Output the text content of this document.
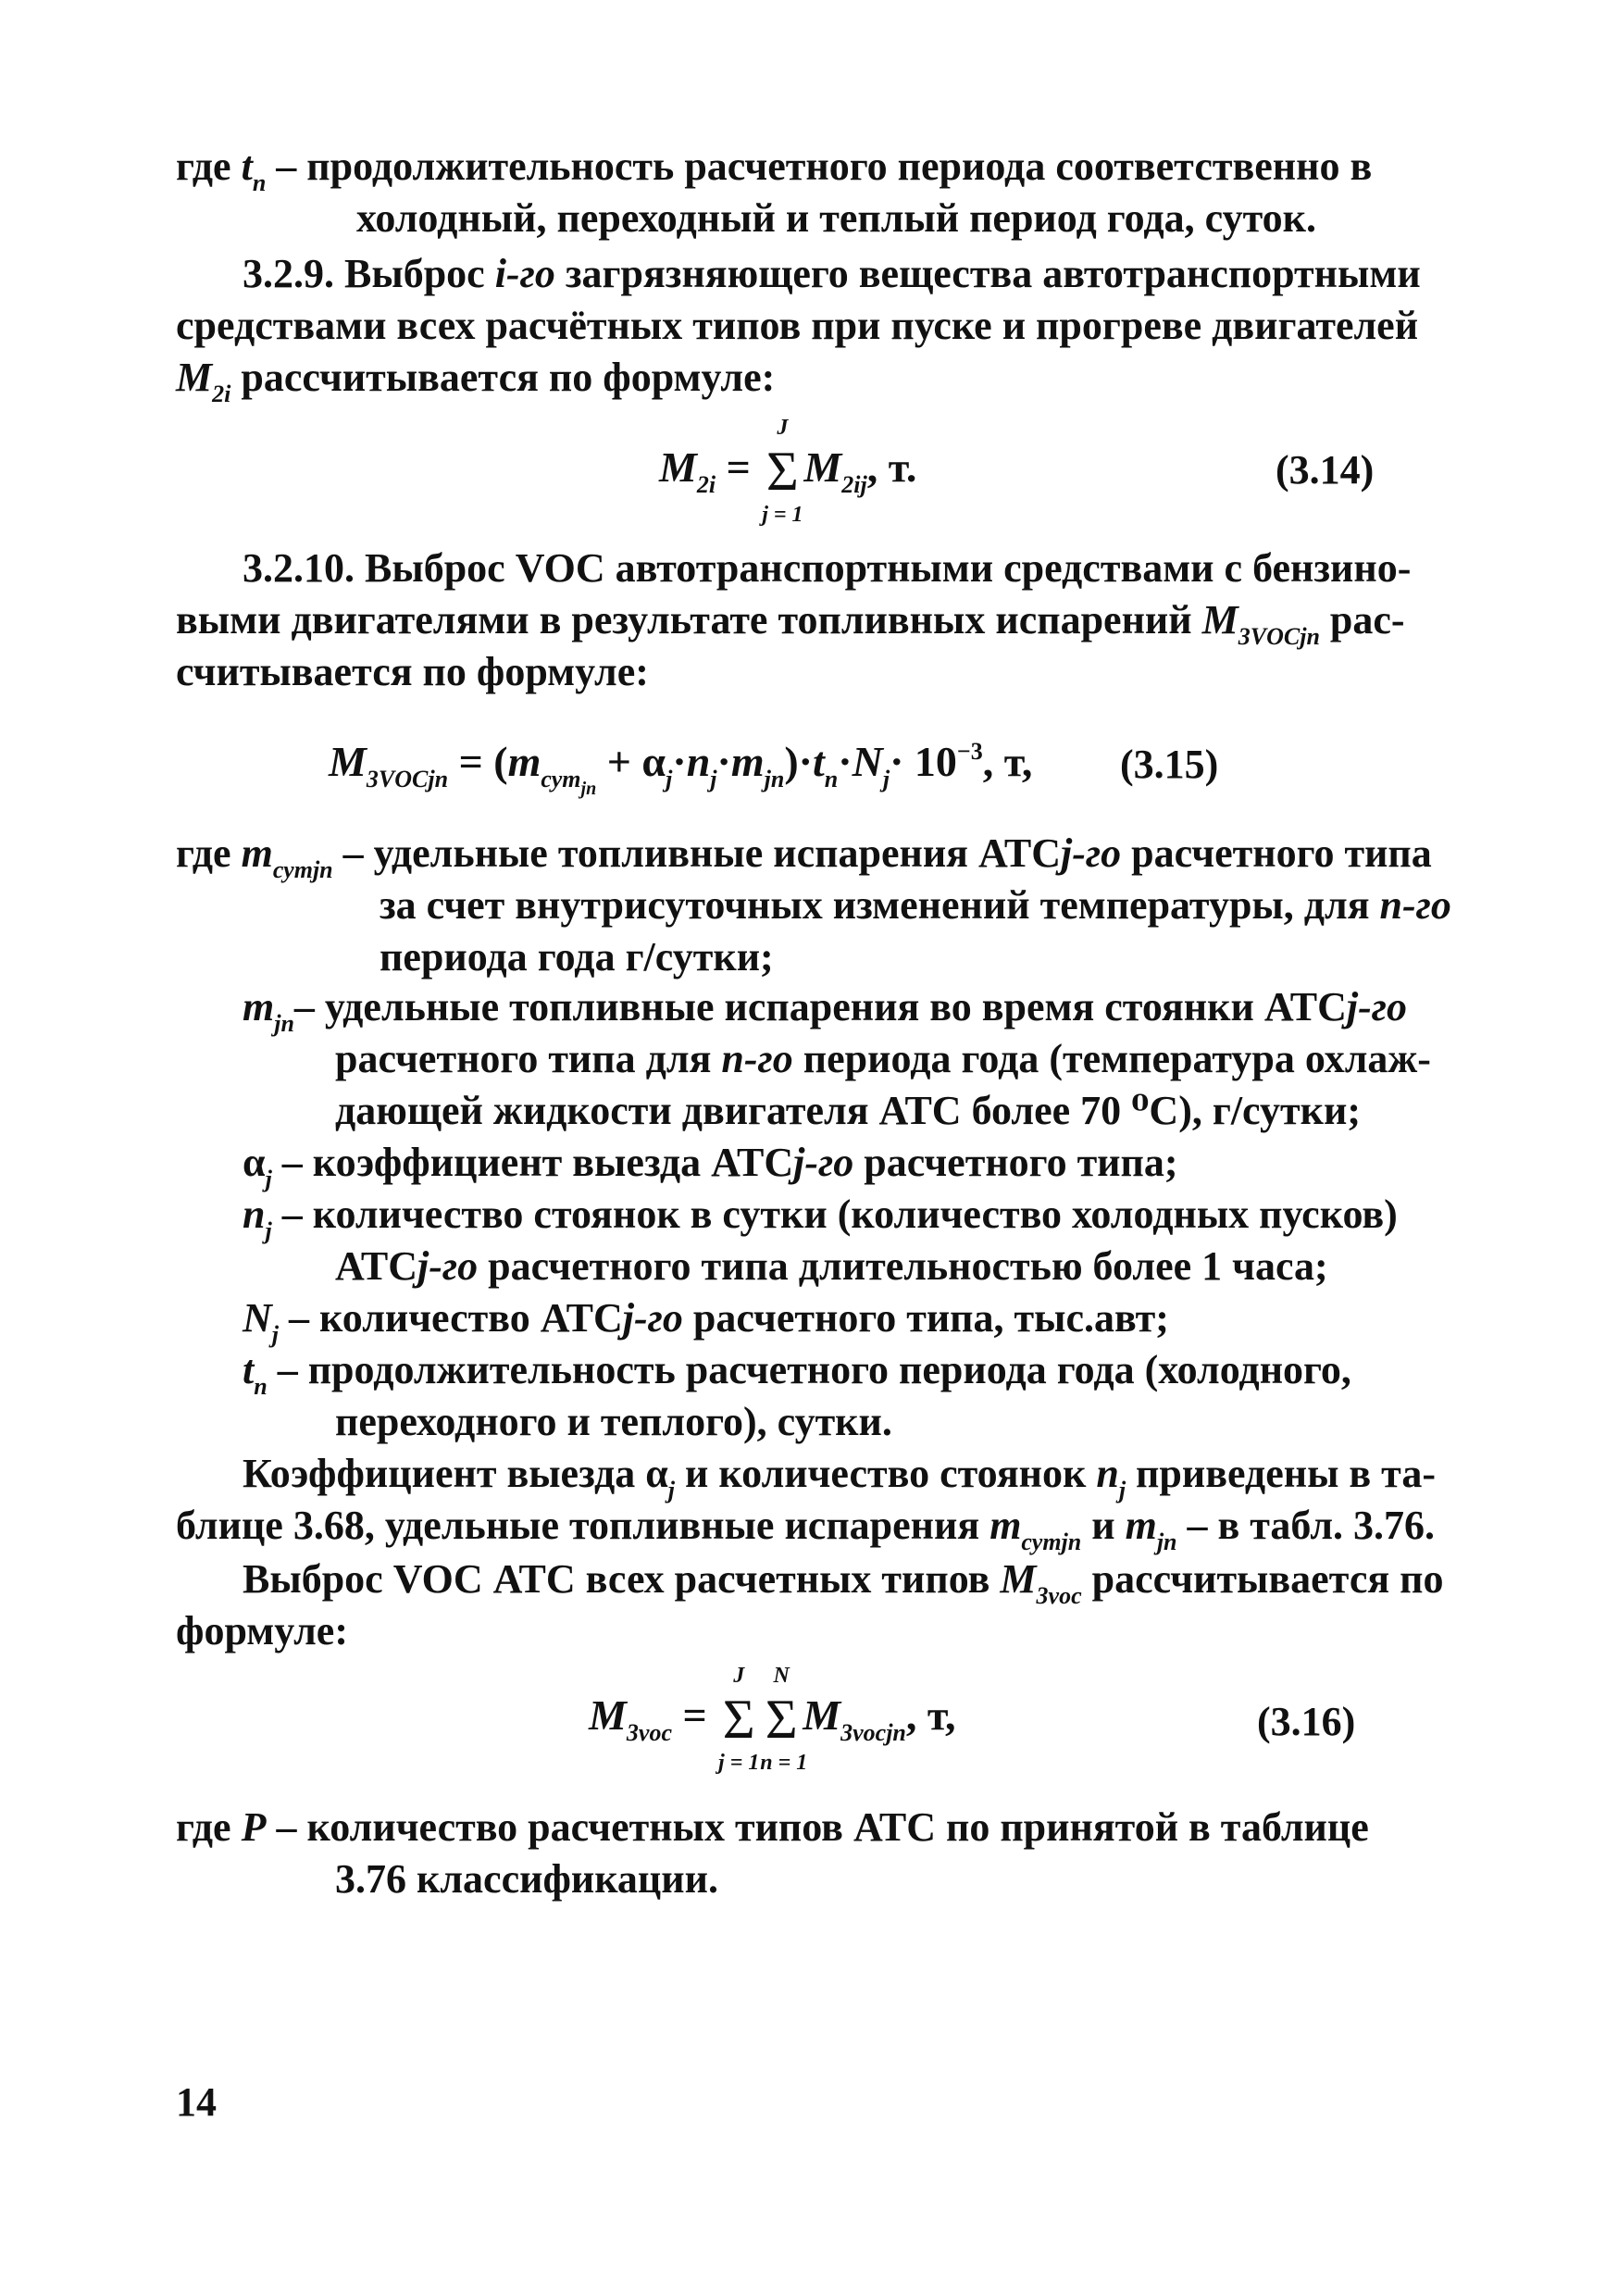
где $t_п$ – продолжительность расчетного периода соответственно в
холодный, переходный и теплый период года, суток.
3.2.9. Выброс i-го загрязняющего вещества автотранспортными
средствами всех расчётных типов при пуске и прогреве двигателей
$M_{2i}$ рассчитывается по формуле:
$M_{2i}$ =
J
Σ
j = 1
$M_{2ij}$, т.	(3.14)
3.2.10. Выброс VOC автотранспортными средствами с бензино-
выми двигателями в результате топливных испарений $M_{3VOCjn}$ рас-
считывается по формуле:
$M_{3VOCjn} = (m_{сутjn} + \alpha_j\cdot n_j\cdot m_{jn})\cdot t_n\cdot N_j\cdot 10^{-3}$, т, (3.15)
где $m_{сутjn}$ – удельные топливные испарения АТСj-го расчетного типа
за счет внутрисуточных изменений температуры, для n-го
периода года г/сутки;
$m_{jn}-$ удельные топливные испарения во время стоянки АТСj-го
расчетного типа для n-го периода года (температура охлаж-
дающей жидкости двигателя АТС более 70 ⁰С), г/сутки;
$\alpha_j$ – коэффициент выезда АТСj-го расчетного типа;
$n_j$ – количество стоянок в сутки (количество холодных пусков)
АТСj-го расчетного типа длительностью более 1 часа;
$N_j$ – количество АТСj-го расчетного типа, тыс.авт;
$t_n$ – продолжительность расчетного периода года (холодного,
переходного и теплого), сутки.
Коэффициент выезда $\alpha_j$ и количество стоянок $n_j$ приведены в та-
блице 3.68, удельные топливные испарения $m_{сутjn}$ и $m_{jn}$ – в табл. 3.76.
Выброс VOC АТС всех расчетных типов $M_{3voc}$ рассчитывается по
формуле:
$M_{3voc}$ =
J
Σ
j = 1
N
Σ
n = 1
$M_{3vocjn}$, т,	(3.16)
где P – количество расчетных типов АТС по принятой в таблице
3.76 классификации.
14
